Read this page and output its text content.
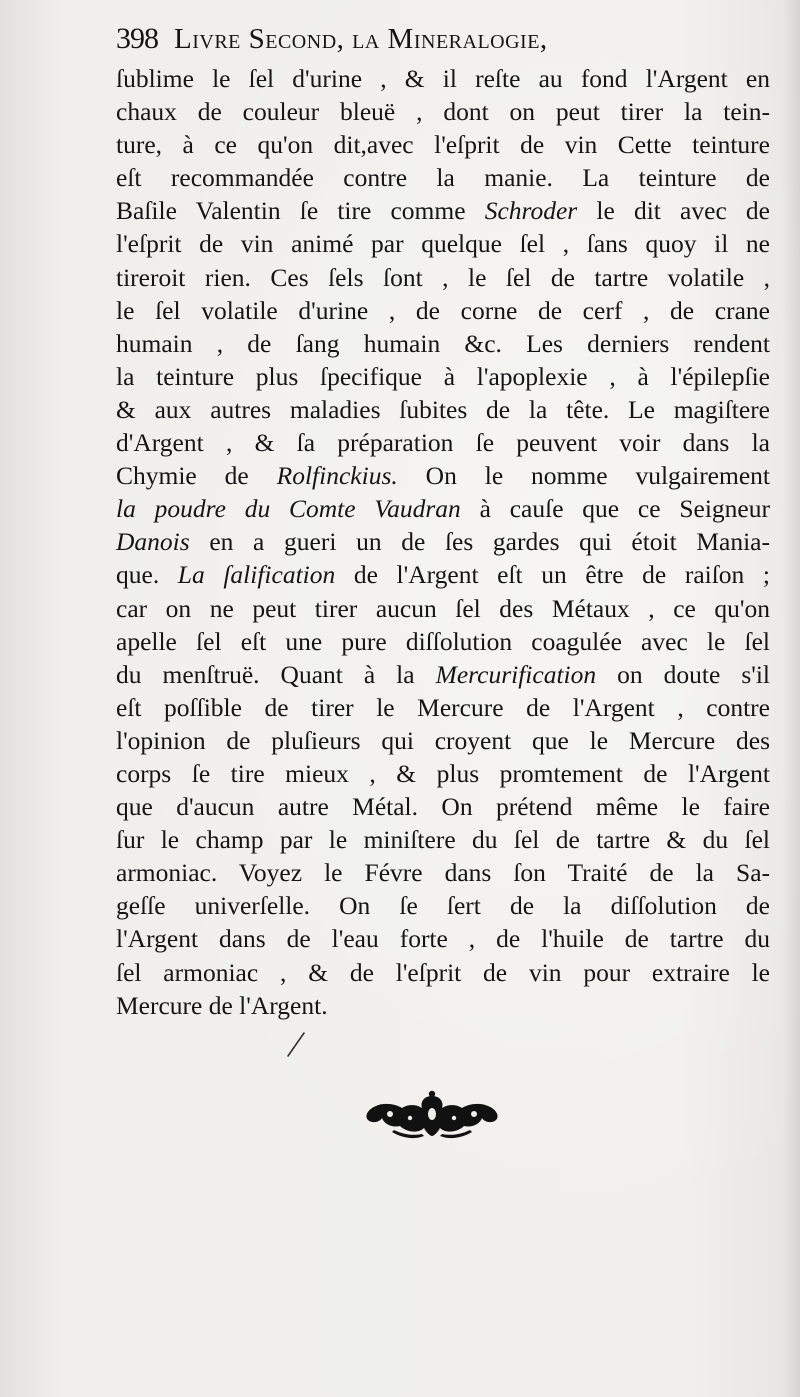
398 Livre Second, la Mineralogie,
ſublime le ſel d'urine , & il reſte au fond l'Argent en
chaux de couleur bleuë , dont on peut tirer la tein-
ture, à ce qu'on dit,avec l'eſprit de vin Cette teinture
eſt recommandée contre la manie. La teinture de
Baſile Valentin ſe tire comme Schroder le dit avec de
l'eſprit de vin animé par quelque ſel , ſans quoy il ne
tireroit rien. Ces ſels ſont , le ſel de tartre volatile ,
le ſel volatile d'urine , de corne de cerf , de crane
humain , de ſang humain &c. Les derniers rendent
la teinture plus ſpecifique à l'apoplexie , à l'épilepſie
& aux autres maladies ſubites de la tête. Le magiſtere
d'Argent , & ſa préparation ſe peuvent voir dans la
Chymie de Rolfinckius. On le nomme vulgairement
la poudre du Comte Vaudran à cauſe que ce Seigneur
Danois en a gueri un de ſes gardes qui étoit Mania-
que. La ſalification de l'Argent eſt un être de raiſon ;
car on ne peut tirer aucun ſel des Métaux , ce qu'on
apelle ſel eſt une pure diſſolution coagulée avec le ſel
du menſtruë. Quant à la Mercurification on doute s'il
eſt poſſible de tirer le Mercure de l'Argent , contre
l'opinion de pluſieurs qui croyent que le Mercure des
corps ſe tire mieux , & plus promtement de l'Argent
que d'aucun autre Métal. On prétend même le faire
ſur le champ par le miniſtere du ſel de tartre & du ſel
armoniac. Voyez le Févre dans ſon Traité de la Sa-
geſſe univerſelle. On ſe ſert de la diſſolution de
l'Argent dans de l'eau forte , de l'huile de tartre du
ſel armoniac , & de l'eſprit de vin pour extraire le
Mercure de l'Argent.
